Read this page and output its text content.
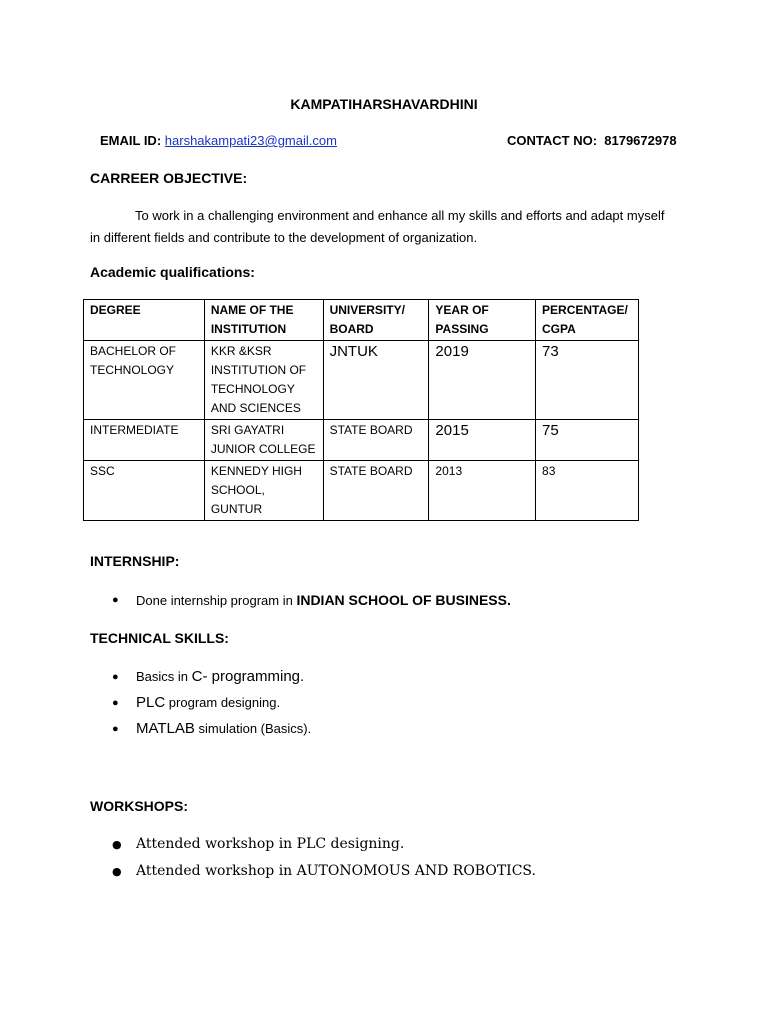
KAMPATIHARSHAVARDHINI
EMAIL ID: harshakampati23@gmail.com	CONTACT NO: 8179672978
CARREER OBJECTIVE:
To work in a challenging environment and enhance all my skills and efforts and adapt myself in different fields and contribute to the development of organization.
Academic qualifications:
DEGREE	NAME OF THE INSTITUTION	UNIVERSITY/ BOARD	YEAR OF PASSING	PERCENTAGE/ CGPA
BACHELOR OF TECHNOLOGY	KKR &KSR INSTITUTION OF TECHNOLOGY AND SCIENCES	JNTUK	2019	73
INTERMEDIATE	SRI GAYATRI JUNIOR COLLEGE	STATE BOARD	2015	75
SSC	KENNEDY HIGH SCHOOL, GUNTUR	STATE BOARD	2013	83
INTERNSHIP:
● Done internship program in INDIAN SCHOOL OF BUSINESS.
TECHNICAL SKILLS:
● Basics in C- programming.
● PLC program designing.
● MATLAB simulation (Basics).
WORKSHOPS:
● Attended workshop in PLC designing.
● Attended workshop in AUTONOMOUS AND ROBOTICS.
